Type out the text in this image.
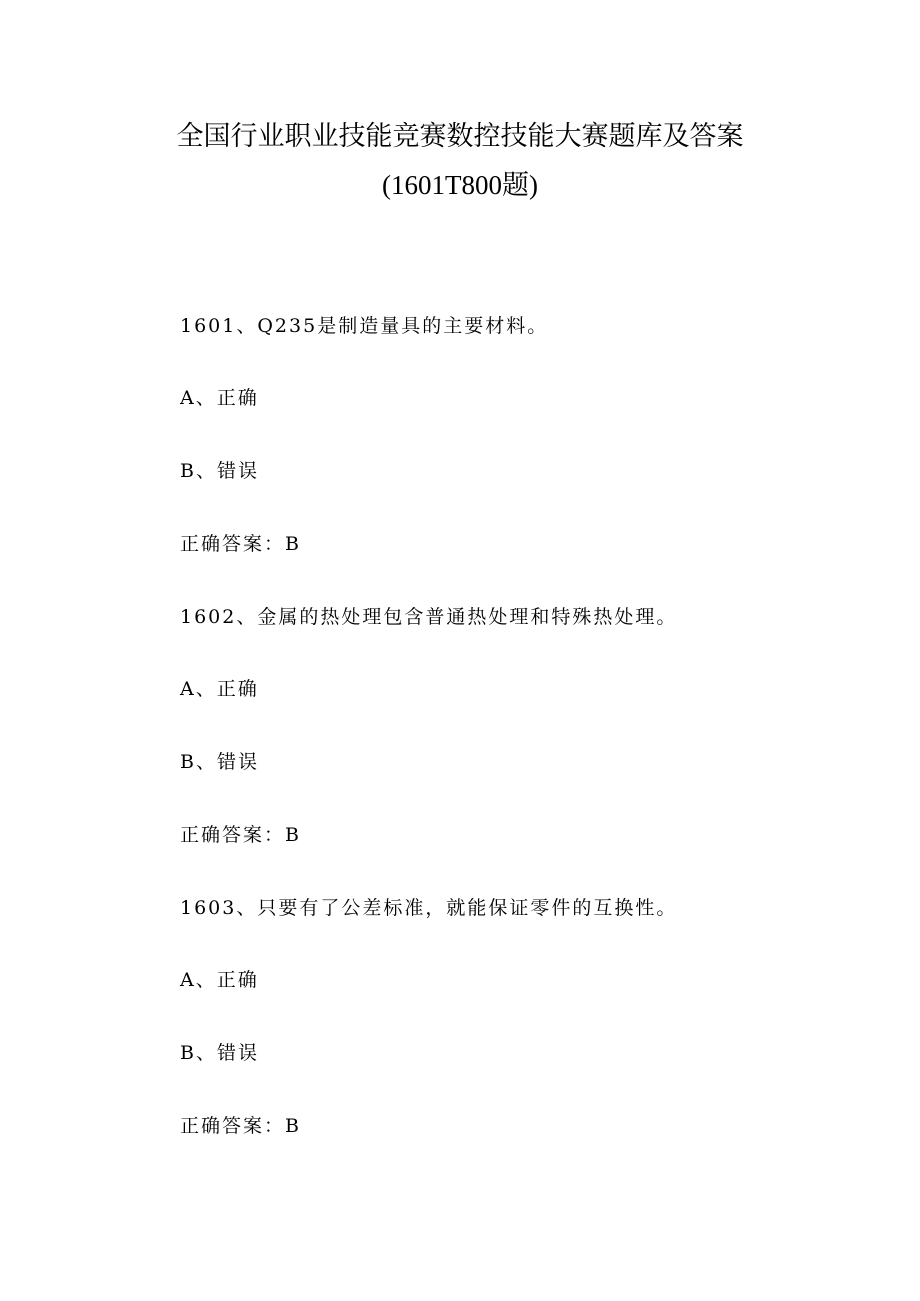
全国行业职业技能竞赛数控技能大赛题库及答案
(1601T800题)
1601、Q235是制造量具的主要材料。
A、正确
B、错误
正确答案：B
1602、金属的热处理包含普通热处理和特殊热处理。
A、正确
B、错误
正确答案：B
1603、只要有了公差标准，就能保证零件的互换性。
A、正确
B、错误
正确答案：B
